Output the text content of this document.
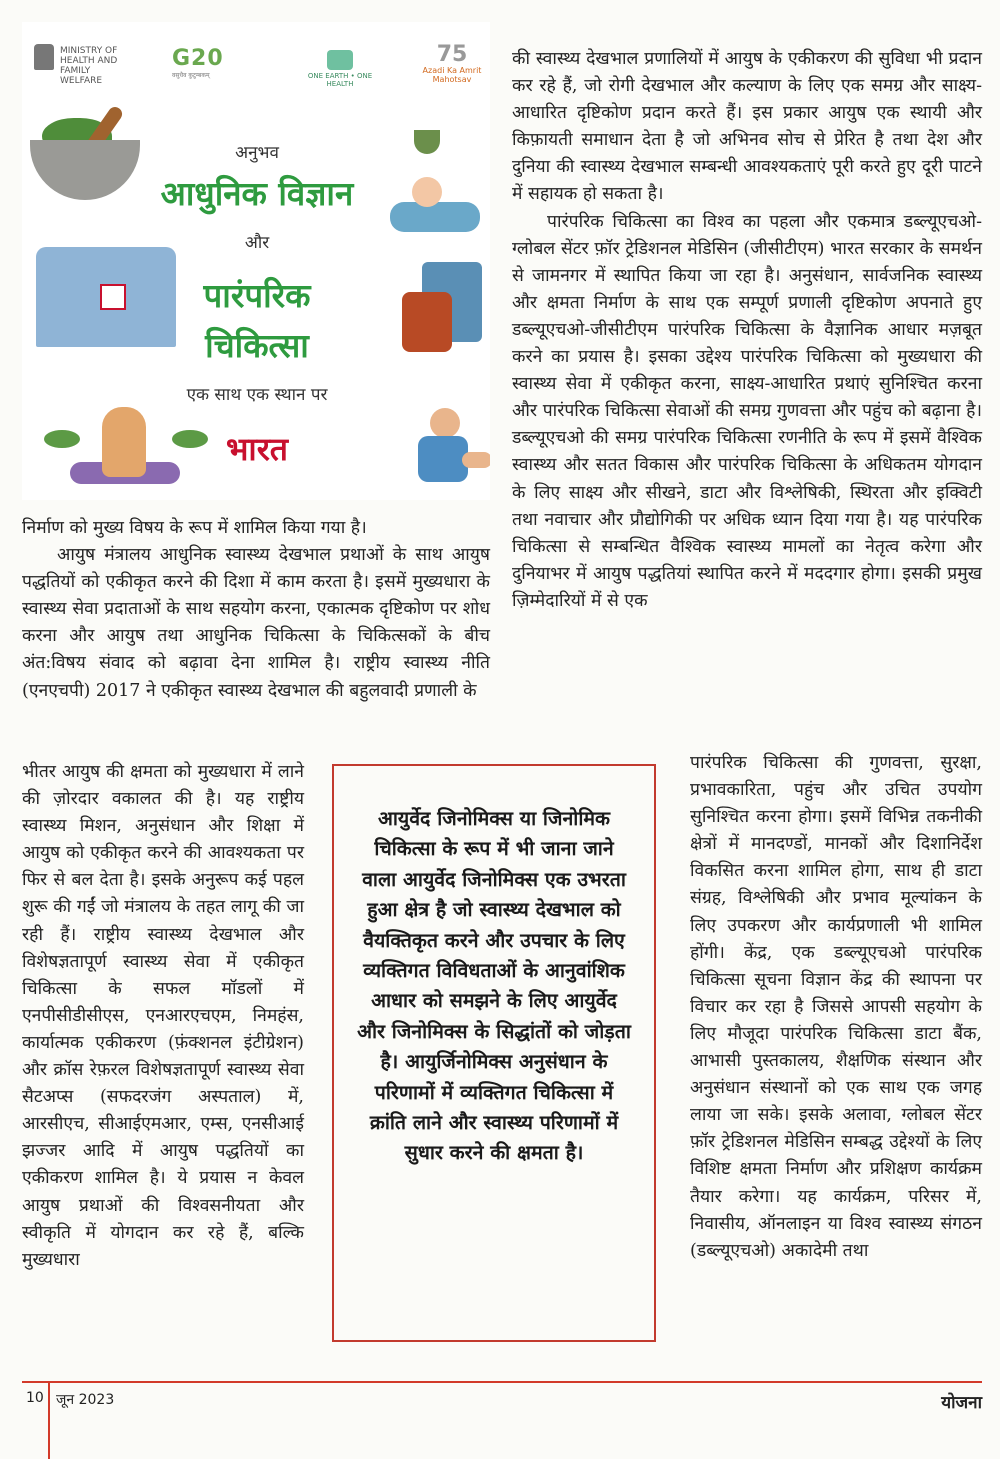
MINISTRY OF HEALTH AND FAMILY WELFARE
G20
वसुधैव कुटुम्बकम्	ONE EARTH • ONE HEALTH
75
Azadi Ka Amrit Mahotsav
अनुभव
आधुनिक विज्ञान
और
पारंपरिक
चिकित्सा
एक साथ एक स्थान पर
भारत

की स्वास्थ्य देखभाल प्रणालियों में आयुष के एकीकरण की सुविधा भी प्रदान कर रहे हैं, जो रोगी देखभाल और कल्याण के लिए एक समग्र और साक्ष्य-आधारित दृष्टिकोण प्रदान करते हैं। इस प्रकार आयुष एक स्थायी और किफ़ायती समाधान देता है जो अभिनव सोच से प्रेरित है तथा देश और दुनिया की स्वास्थ्य देखभाल सम्बन्धी आवश्यकताएं पूरी करते हुए दूरी पाटने में सहायक हो सकता है।

पारंपरिक चिकित्सा का विश्व का पहला और एकमात्र डब्ल्यूएचओ-ग्लोबल सेंटर फ़ॉर ट्रेडिशनल मेडिसिन (जीसीटीएम) भारत सरकार के समर्थन से जामनगर में स्थापित किया जा रहा है। अनुसंधान, सार्वजनिक स्वास्थ्य और क्षमता निर्माण के साथ एक सम्पूर्ण प्रणाली दृष्टिकोण अपनाते हुए डब्ल्यूएचओ-जीसीटीएम पारंपरिक चिकित्सा के वैज्ञानिक आधार मज़बूत करने का प्रयास है। इसका उद्देश्य पारंपरिक चिकित्सा को मुख्यधारा की स्वास्थ्य सेवा में एकीकृत करना, साक्ष्य-आधारित प्रथाएं सुनिश्चित करना और पारंपरिक चिकित्सा सेवाओं की समग्र गुणवत्ता और पहुंच को बढ़ाना है। डब्ल्यूएचओ की समग्र पारंपरिक चिकित्सा रणनीति के रूप में इसमें वैश्विक स्वास्थ्य और सतत विकास और पारंपरिक चिकित्सा के अधिकतम योगदान के लिए साक्ष्य और सीखने, डाटा और विश्लेषिकी, स्थिरता और इक्विटी तथा नवाचार और प्रौद्योगिकी पर अधिक ध्यान दिया गया है। यह पारंपरिक चिकित्सा से सम्बन्धित वैश्विक स्वास्थ्य मामलों का नेतृत्व करेगा और दुनियाभर में आयुष पद्धतियां स्थापित करने में मददगार होगा। इसकी प्रमुख ज़िम्मेदारियों में से एक

निर्माण को मुख्य विषय के रूप में शामिल किया गया है।

आयुष मंत्रालय आधुनिक स्वास्थ्य देखभाल प्रथाओं के साथ आयुष पद्धतियों को एकीकृत करने की दिशा में काम करता है। इसमें मुख्यधारा के स्वास्थ्य सेवा प्रदाताओं के साथ सहयोग करना, एकात्मक दृष्टिकोण पर शोध करना और आयुष तथा आधुनिक चिकित्सा के चिकित्सकों के बीच अंत:विषय संवाद को बढ़ावा देना शामिल है। राष्ट्रीय स्वास्थ्य नीति (एनएचपी) 2017 ने एकीकृत स्वास्थ्य देखभाल की बहुलवादी प्रणाली के

भीतर आयुष की क्षमता को मुख्यधारा में लाने की ज़ोरदार वकालत की है। यह राष्ट्रीय स्वास्थ्य मिशन, अनुसंधान और शिक्षा में आयुष को एकीकृत करने की आवश्यकता पर फिर से बल देता है। इसके अनुरूप कई पहल शुरू की गईं जो मंत्रालय के तहत लागू की जा रही हैं। राष्ट्रीय स्वास्थ्य देखभाल और विशेषज्ञतापूर्ण स्वास्थ्य सेवा में एकीकृत चिकित्सा के सफल मॉडलों में एनपीसीडीसीएस, एनआरएचएम, निमहंस, कार्यात्मक एकीकरण (फ़ंक्शनल इंटीग्रेशन) और क्रॉस रेफ़रल विशेषज्ञतापूर्ण स्वास्थ्य सेवा सैटअप्स (सफदरजंग अस्पताल) में, आरसीएच, सीआईएमआर, एम्स, एनसीआई झज्जर आदि में आयुष पद्धतियों का एकीकरण शामिल है। ये प्रयास न केवल आयुष प्रथाओं की विश्वसनीयता और स्वीकृति में योगदान कर रहे हैं, बल्कि मुख्यधारा

आयुर्वेद जिनोमिक्स या जिनोमिक चिकित्सा के रूप में भी जाना जाने वाला आयुर्वेद जिनोमिक्स एक उभरता हुआ क्षेत्र है जो स्वास्थ्य देखभाल को वैयक्तिकृत करने और उपचार के लिए व्यक्तिगत विविधताओं के आनुवांशिक आधार को समझने के लिए आयुर्वेद और जिनोमिक्स के सिद्धांतों को जोड़ता है। आयुर्जिनोमिक्स अनुसंधान के परिणामों में व्यक्तिगत चिकित्सा में क्रांति लाने और स्वास्थ्य परिणामों में सुधार करने की क्षमता है।

पारंपरिक चिकित्सा की गुणवत्ता, सुरक्षा, प्रभावकारिता, पहुंच और उचित उपयोग सुनिश्चित करना होगा। इसमें विभिन्न तकनीकी क्षेत्रों में मानदण्डों, मानकों और दिशानिर्देश विकसित करना शामिल होगा, साथ ही डाटा संग्रह, विश्लेषिकी और प्रभाव मूल्यांकन के लिए उपकरण और कार्यप्रणाली भी शामिल होंगी। केंद्र, एक डब्ल्यूएचओ पारंपरिक चिकित्सा सूचना विज्ञान केंद्र की स्थापना पर विचार कर रहा है जिससे आपसी सहयोग के लिए मौजूदा पारंपरिक चिकित्सा डाटा बैंक, आभासी पुस्तकालय, शैक्षणिक संस्थान और अनुसंधान संस्थानों को एक साथ एक जगह लाया जा सके। इसके अलावा, ग्लोबल सेंटर फ़ॉर ट्रेडिशनल मेडिसिन सम्बद्ध उद्देश्यों के लिए विशिष्ट क्षमता निर्माण और प्रशिक्षण कार्यक्रम तैयार करेगा। यह कार्यक्रम, परिसर में, निवासीय, ऑनलाइन या विश्व स्वास्थ्य संगठन (डब्ल्यूएचओ) अकादेमी तथा

10 जून 2023	योजना
